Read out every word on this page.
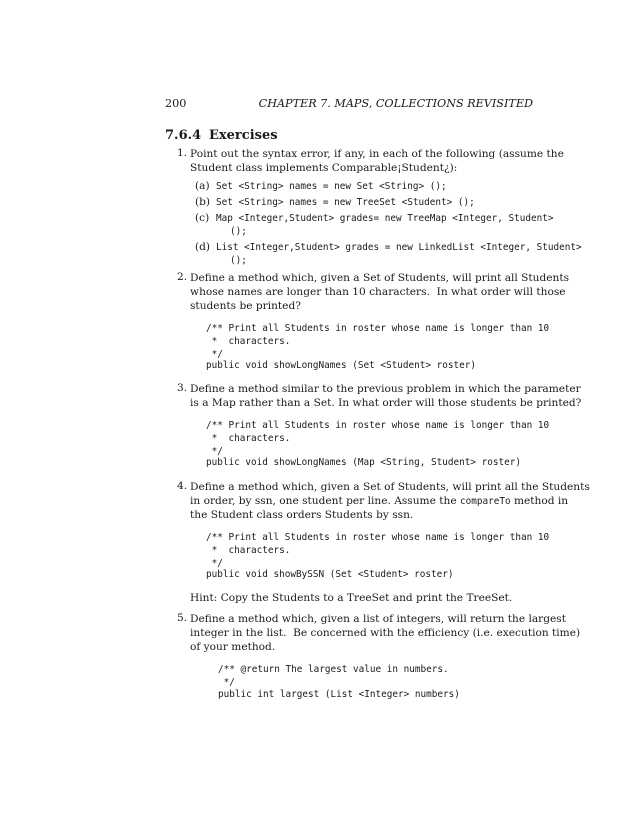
200	CHAPTER 7. MAPS, COLLECTIONS REVISITED
7.6.4 Exercises
1. Point out the syntax error, if any, in each of the following (assume the
Student class implements Comparable¡Student¿):
(a) Set <String> names = new Set <String> ();
(b) Set <String> names = new TreeSet <Student> ();
(c) Map <Integer,Student> grades= new TreeMap <Integer, Student>
();
(d) List <Integer,Student> grades = new LinkedList <Integer, Student>
();
2. Define a method which, given a Set of Students, will print all Students
whose names are longer than 10 characters.  In what order will those
students be printed?
/** Print all Students in roster whose name is longer than 10
*  characters.
*/
public void showLongNames (Set <Student> roster)
3. Define a method similar to the previous problem in which the parameter
is a Map rather than a Set. In what order will those students be printed?
/** Print all Students in roster whose name is longer than 10
*  characters.
*/
public void showLongNames (Map <String, Student> roster)
4. Define a method which, given a Set of Students, will print all the Students
in order, by ssn, one student per line. Assume the compareTo method in
the Student class orders Students by ssn.
/** Print all Students in roster whose name is longer than 10
*  characters.
*/
public void showBySSN (Set <Student> roster)
Hint: Copy the Students to a TreeSet and print the TreeSet.
5. Define a method which, given a list of integers, will return the largest
integer in the list.  Be concerned with the efficiency (i.e. execution time)
of your method.
/** @return The largest value in numbers.
*/
public int largest (List <Integer> numbers)
